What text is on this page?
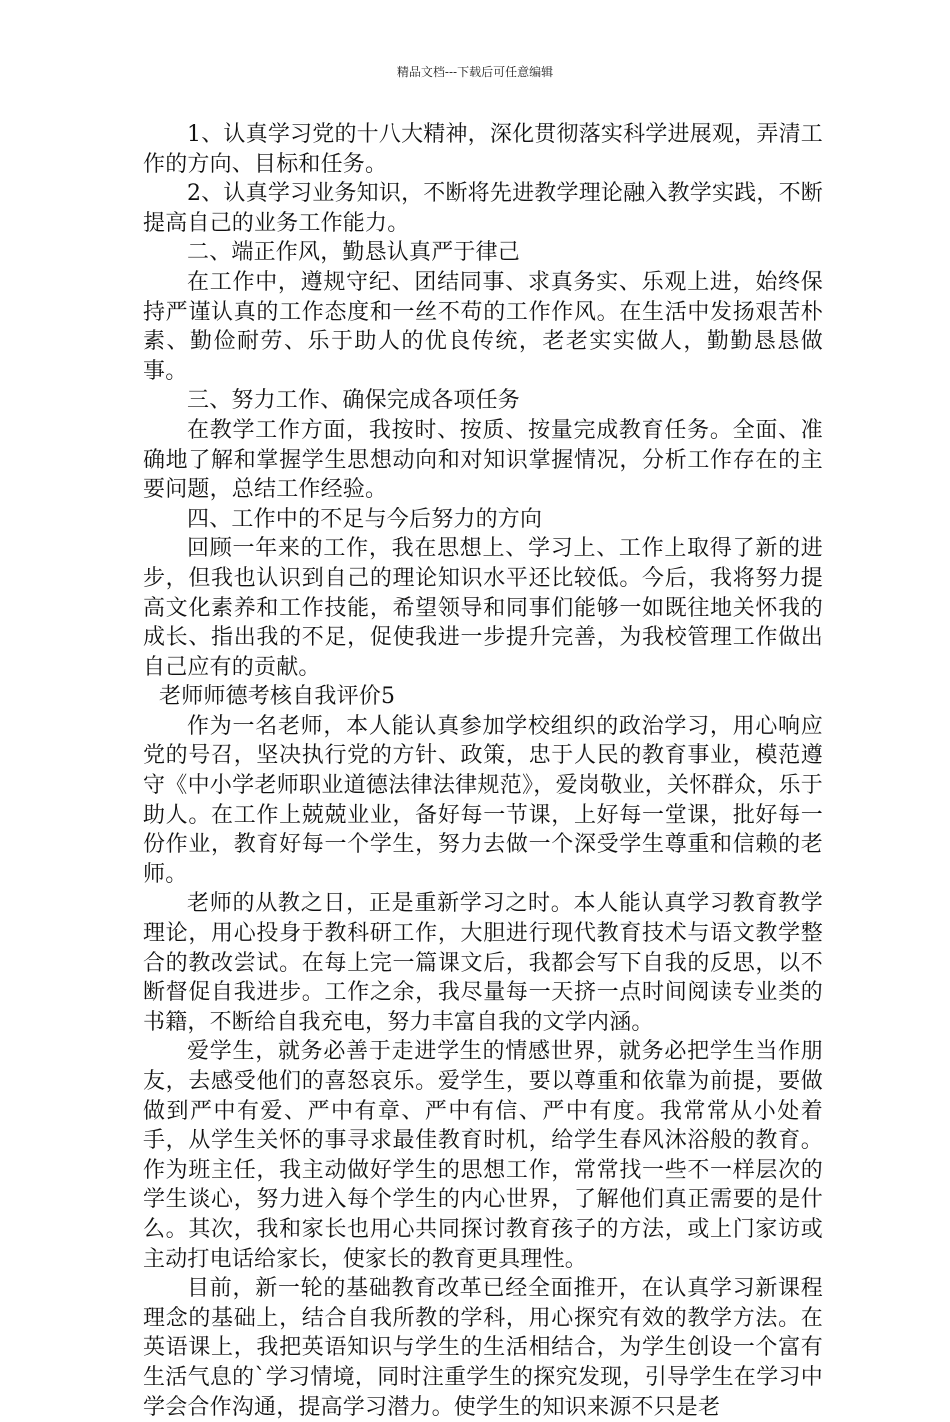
精品文档---下载后可任意编辑

1、认真学习党的十八大精神，深化贯彻落实科学进展观，弄清工作的方向、目标和任务。

2、认真学习业务知识，不断将先进教学理论融入教学实践，不断提高自己的业务工作能力。

二、端正作风，勤恳认真严于律己

在工作中，遵规守纪、团结同事、求真务实、乐观上进，始终保持严谨认真的工作态度和一丝不苟的工作作风。在生活中发扬艰苦朴素、勤俭耐劳、乐于助人的优良传统，老老实实做人，勤勤恳恳做事。

三、努力工作、确保完成各项任务

在教学工作方面，我按时、按质、按量完成教育任务。全面、准确地了解和掌握学生思想动向和对知识掌握情况，分析工作存在的主要问题，总结工作经验。

四、工作中的不足与今后努力的方向

回顾一年来的工作，我在思想上、学习上、工作上取得了新的进步，但我也认识到自己的理论知识水平还比较低。今后，我将努力提高文化素养和工作技能，希望领导和同事们能够一如既往地关怀我的成长、指出我的不足，促使我进一步提升完善，为我校管理工作做出自己应有的贡献。

老师师德考核自我评价5

作为一名老师，本人能认真参加学校组织的政治学习，用心响应党的号召，坚决执行党的方针、政策，忠于人民的教育事业，模范遵守《中小学老师职业道德法律法律规范》，爱岗敬业，关怀群众，乐于助人。在工作上兢兢业业，备好每一节课，上好每一堂课，批好每一份作业，教育好每一个学生，努力去做一个深受学生尊重和信赖的老师。

老师的从教之日，正是重新学习之时。本人能认真学习教育教学理论，用心投身于教科研工作，大胆进行现代教育技术与语文教学整合的教改尝试。在每上完一篇课文后，我都会写下自我的反思，以不断督促自我进步。工作之余，我尽量每一天挤一点时间阅读专业类的书籍，不断给自我充电，努力丰富自我的文学内涵。

爱学生，就务必善于走进学生的情感世界，就务必把学生当作朋友，去感受他们的喜怒哀乐。爱学生，要以尊重和依靠为前提，要做做到严中有爱、严中有章、严中有信、严中有度。我常常从小处着手，从学生关怀的事寻求最佳教育时机，给学生春风沐浴般的教育。作为班主任，我主动做好学生的思想工作，常常找一些不一样层次的学生谈心，努力进入每个学生的内心世界，了解他们真正需要的是什么。其次，我和家长也用心共同探讨教育孩子的方法，或上门家访或主动打电话给家长，使家长的教育更具理性。

目前，新一轮的基础教育改革已经全面推开，在认真学习新课程理念的基础上，结合自我所教的学科，用心探究有效的教学方法。在英语课上，我把英语知识与学生的生活相结合，为学生创设一个富有生活气息的`学习情境，同时注重学生的探究发现，引导学生在学习中学会合作沟通，提高学习潜力。使学生的知识来源不只是老
